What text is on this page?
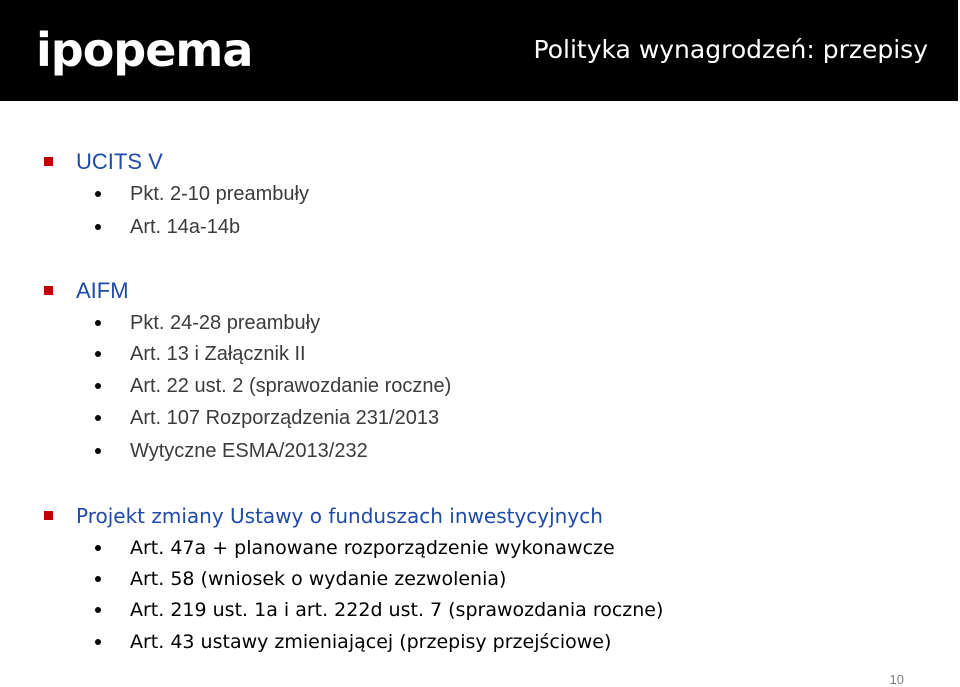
ipopema	Polityka wynagrodzeń: przepisy
UCITS V
Pkt. 2-10 preambuły
Art. 14a-14b
AIFM
Pkt. 24-28 preambuły
Art. 13 i Załącznik II
Art. 22 ust. 2 (sprawozdanie roczne)
Art. 107 Rozporządzenia 231/2013
Wytyczne ESMA/2013/232
Projekt zmiany Ustawy o funduszach inwestycyjnych
Art. 47a + planowane rozporządzenie wykonawcze
Art. 58 (wniosek o wydanie zezwolenia)
Art. 219 ust. 1a i art. 222d ust. 7 (sprawozdania roczne)
Art. 43 ustawy zmieniającej (przepisy przejściowe)
10
